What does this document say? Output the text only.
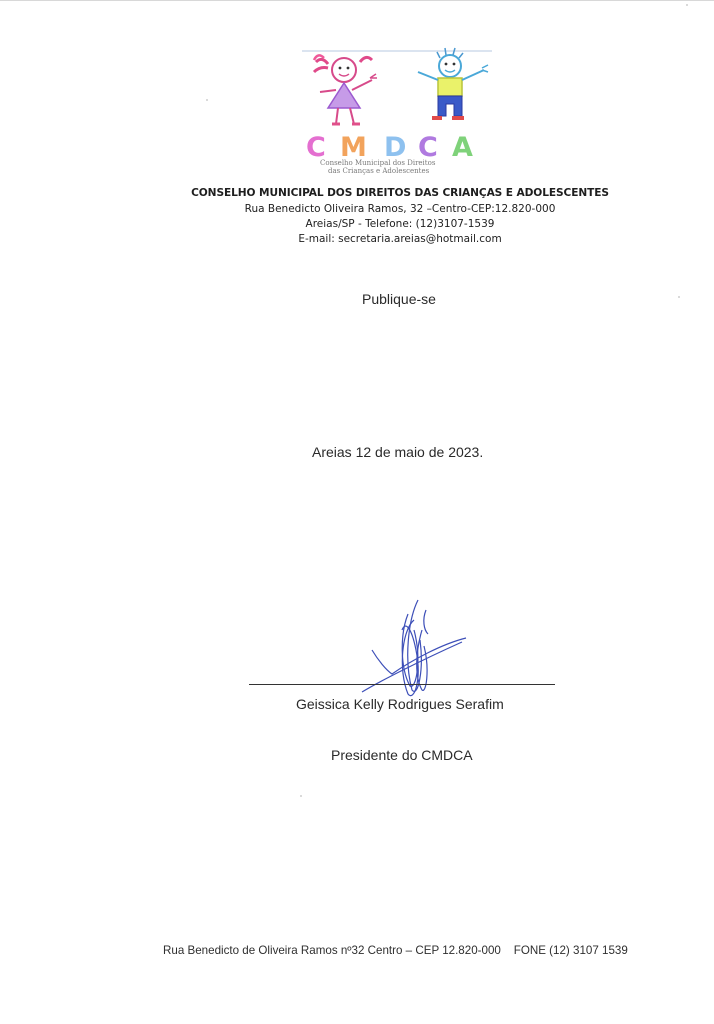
C M D C A
Conselho Municipal dos Direitos
das Crianças e Adolescentes
CONSELHO MUNICIPAL DOS DIREITOS DAS CRIANÇAS E ADOLESCENTES
Rua Benedicto Oliveira Ramos, 32 –Centro-CEP:12.820-000
Areias/SP - Telefone: (12)3107-1539
E-mail: secretaria.areias@hotmail.com
Publique-se
Areias 12 de maio de 2023.
Geissica Kelly Rodrigues Serafim
Presidente do CMDCA
Rua Benedicto de Oliveira Ramos nº32 Centro – CEP 12.820-000    FONE (12) 3107 1539
